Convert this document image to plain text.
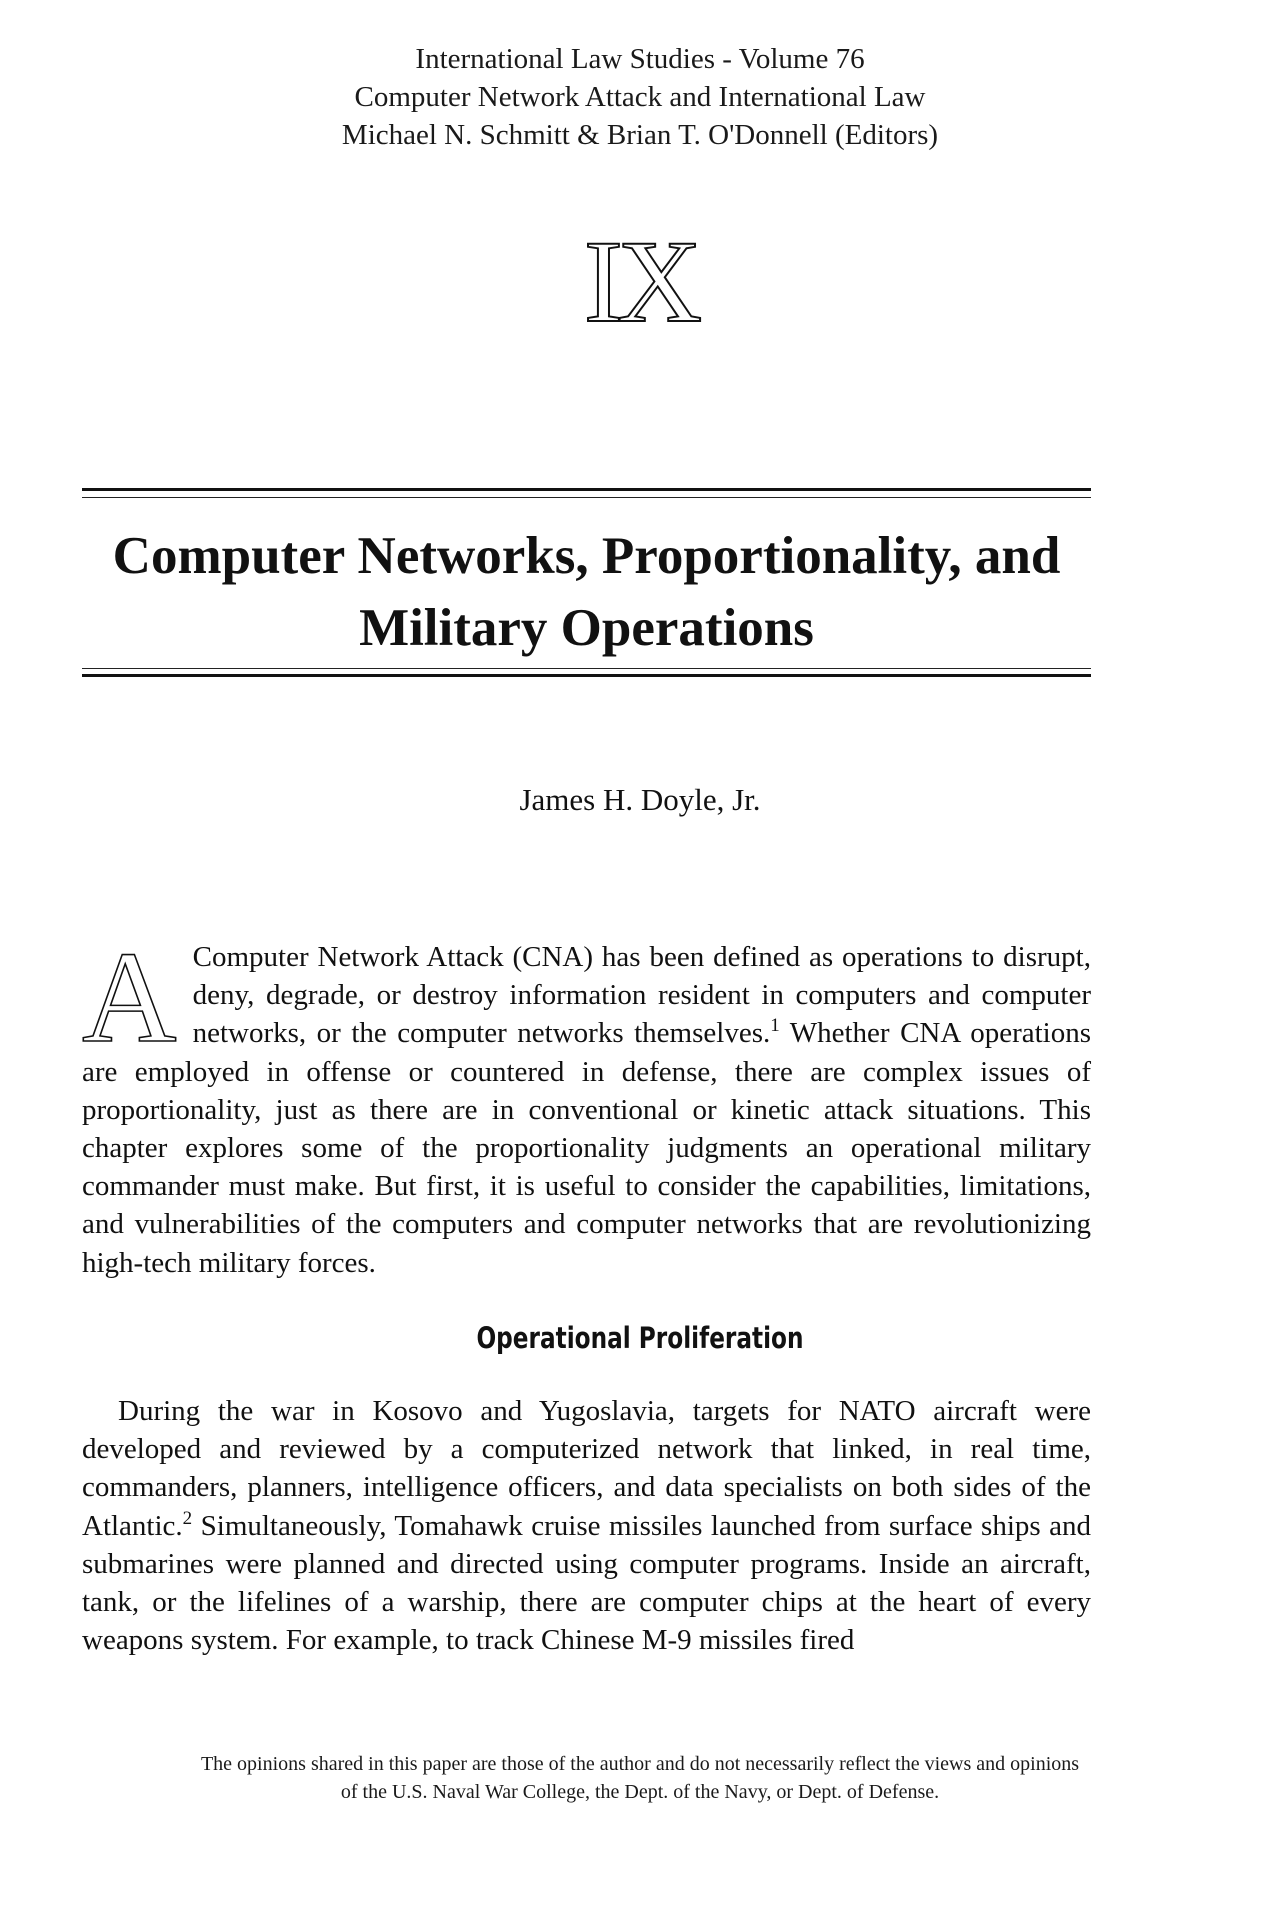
International Law Studies - Volume 76
Computer Network Attack and International Law
Michael N. Schmitt & Brian T. O'Donnell (Editors)
IX
Computer Networks, Proportionality, and
Military Operations
James H. Doyle, Jr.

A Computer Network Attack (CNA) has been defined as operations to disrupt, deny, degrade, or destroy information resident in computers and computer networks, or the computer networks themselves.$^1$ Whether CNA operations are employed in offense or countered in defense, there are complex issues of proportionality, just as there are in conventional or kinetic attack situations. This chapter explores some of the proportionality judgments an operational military commander must make. But first, it is useful to consider the capabilities, limitations, and vulnerabilities of the computers and computer networks that are revolutionizing high-tech military forces.

Operational Proliferation

During the war in Kosovo and Yugoslavia, targets for NATO aircraft were developed and reviewed by a computerized network that linked, in real time, commanders, planners, intelligence officers, and data specialists on both sides of the Atlantic.$^2$ Simultaneously, Tomahawk cruise missiles launched from surface ships and submarines were planned and directed using computer programs. Inside an aircraft, tank, or the lifelines of a warship, there are computer chips at the heart of every weapons system. For example, to track Chinese M-9 missiles fired

The opinions shared in this paper are those of the author and do not necessarily reflect the views and opinions
of the U.S. Naval War College, the Dept. of the Navy, or Dept. of Defense.
